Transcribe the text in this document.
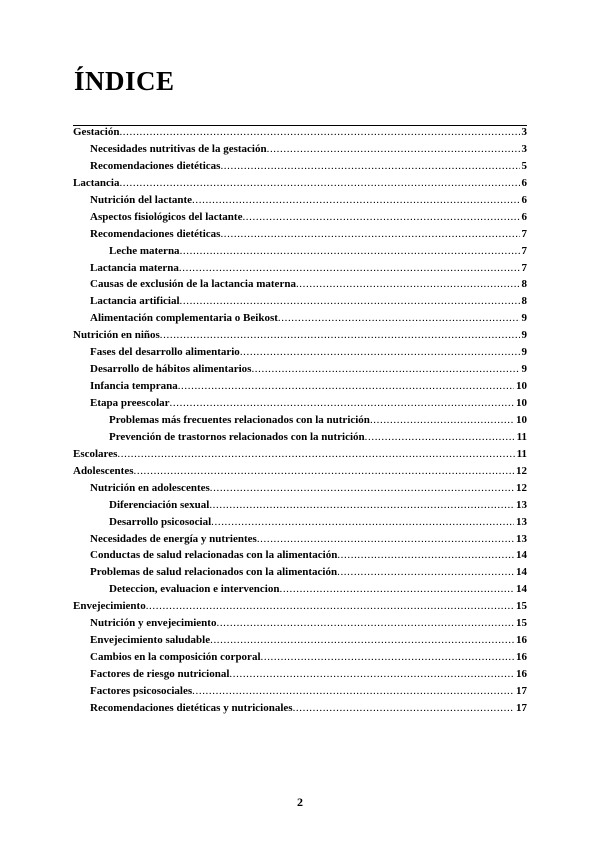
ÍNDICE
Gestación .....	3
Necesidades nutritivas de la gestación .....	3
Recomendaciones dietéticas .....	5
Lactancia .....	6
Nutrición del lactante .....	6
Aspectos fisiológicos del lactante .....	6
Recomendaciones dietéticas .....	7
Leche materna .....	7
Lactancia materna .....	7
Causas de exclusión de la lactancia materna .....	8
Lactancia artificial .....	8
Alimentación complementaria o Beikost .....	9
Nutrición en niños .....	9
Fases del desarrollo alimentario .....	9
Desarrollo de hábitos alimentarios .....	9
Infancia temprana .....	10
Etapa preescolar .....	10
Problemas más frecuentes relacionados con la nutrición .....	10
Prevención de trastornos relacionados con la nutrición .....	11
Escolares .....	11
Adolescentes .....	12
Nutrición en adolescentes .....	12
Diferenciación sexual .....	13
Desarrollo psicosocial .....	13
Necesidades de energía y nutrientes .....	13
Conductas de salud relacionadas con la alimentación .....	14
Problemas de salud relacionados con la alimentación .....	14
Deteccion, evaluacion e intervencion .....	14
Envejecimiento .....	15
Nutrición y envejecimiento .....	15
Envejecimiento saludable .....	16
Cambios en la composición corporal .....	16
Factores de riesgo nutricional .....	16
Factores psicosociales .....	17
Recomendaciones dietéticas y nutricionales .....	17
2
